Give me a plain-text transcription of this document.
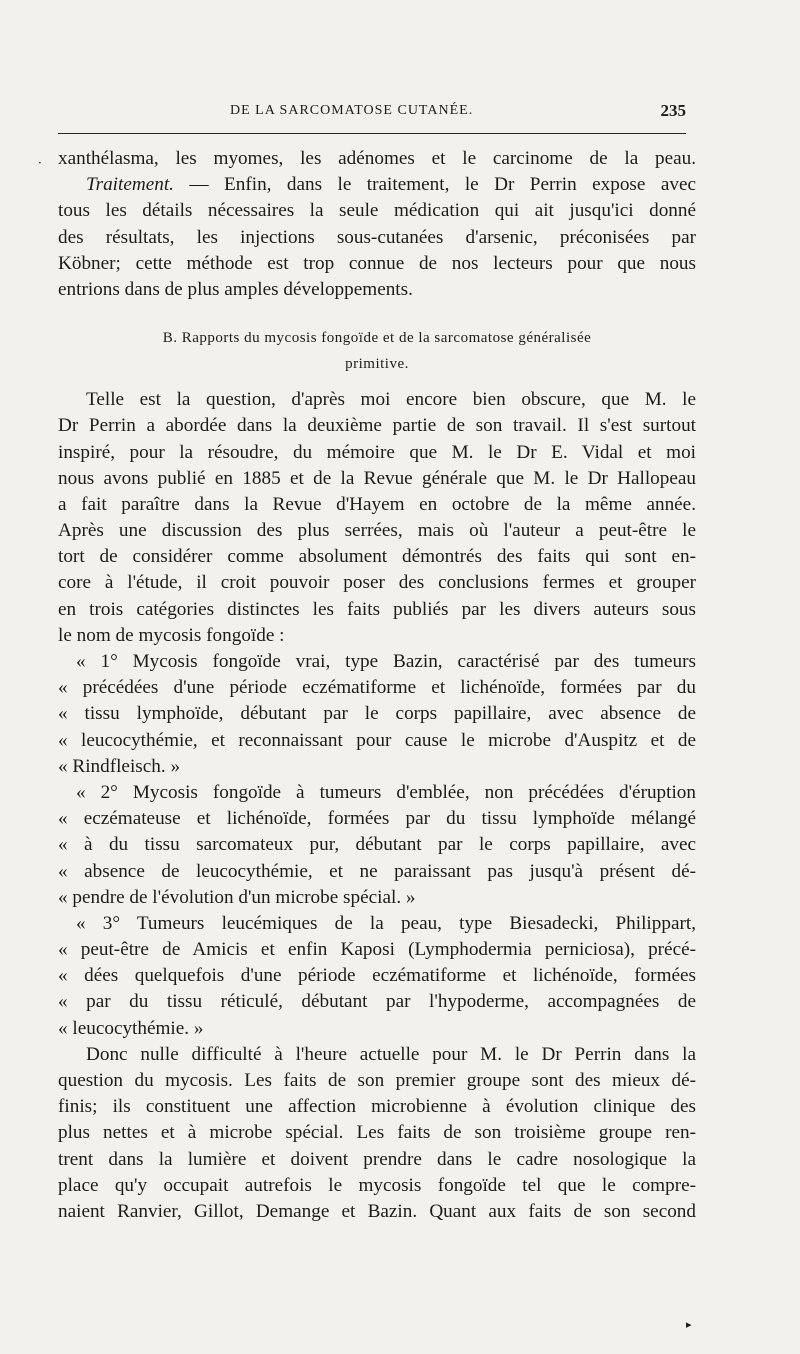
DE LA SARCOMATOSE CUTANÉE.	235
· xanthélasma, les myomes, les adénomes et le carcinome de la peau.
Traitement. — Enfin, dans le traitement, le Dr Perrin expose avec
tous les détails nécessaires la seule médication qui ait jusqu'ici donné
des résultats, les injections sous-cutanées d'arsenic, préconisées par
Köbner; cette méthode est trop connue de nos lecteurs pour que nous
entrions dans de plus amples développements.
B. Rapports du mycosis fongoïde et de la sarcomatose généralisée
primitive.
Telle est la question, d'après moi encore bien obscure, que M. le
Dr Perrin a abordée dans la deuxième partie de son travail. Il s'est surtout
inspiré, pour la résoudre, du mémoire que M. le Dr E. Vidal et moi
nous avons publié en 1885 et de la Revue générale que M. le Dr Hallopeau
a fait paraître dans la Revue d'Hayem en octobre de la même année.
Après une discussion des plus serrées, mais où l'auteur a peut-être le
tort de considérer comme absolument démontrés des faits qui sont en-
core à l'étude, il croit pouvoir poser des conclusions fermes et grouper
en trois catégories distinctes les faits publiés par les divers auteurs sous
le nom de mycosis fongoïde :
« 1° Mycosis fongoïde vrai, type Bazin, caractérisé par des tumeurs
« précédées d'une période eczématiforme et lichénoïde, formées par du
« tissu lymphoïde, débutant par le corps papillaire, avec absence de
« leucocythémie, et reconnaissant pour cause le microbe d'Auspitz et de
« Rindfleisch. »
« 2° Mycosis fongoïde à tumeurs d'emblée, non précédées d'éruption
« eczémateuse et lichénoïde, formées par du tissu lymphoïde mélangé
« à du tissu sarcomateux pur, débutant par le corps papillaire, avec
« absence de leucocythémie, et ne paraissant pas jusqu'à présent dé-
« pendre de l'évolution d'un microbe spécial. »
« 3° Tumeurs leucémiques de la peau, type Biesadecki, Philippart,
« peut-être de Amicis et enfin Kaposi (Lymphodermia perniciosa), précé-
« dées quelquefois d'une période eczématiforme et lichénoïde, formées
« par du tissu réticulé, débutant par l'hypoderme, accompagnées de
« leucocythémie. »
Donc nulle difficulté à l'heure actuelle pour M. le Dr Perrin dans la
question du mycosis. Les faits de son premier groupe sont des mieux dé-
finis; ils constituent une affection microbienne à évolution clinique des
plus nettes et à microbe spécial. Les faits de son troisième groupe ren-
trent dans la lumière et doivent prendre dans le cadre nosologique la
place qu'y occupait autrefois le mycosis fongoïde tel que le compre-
naient Ranvier, Gillot, Demange et Bazin. Quant aux faits de son second
▸
